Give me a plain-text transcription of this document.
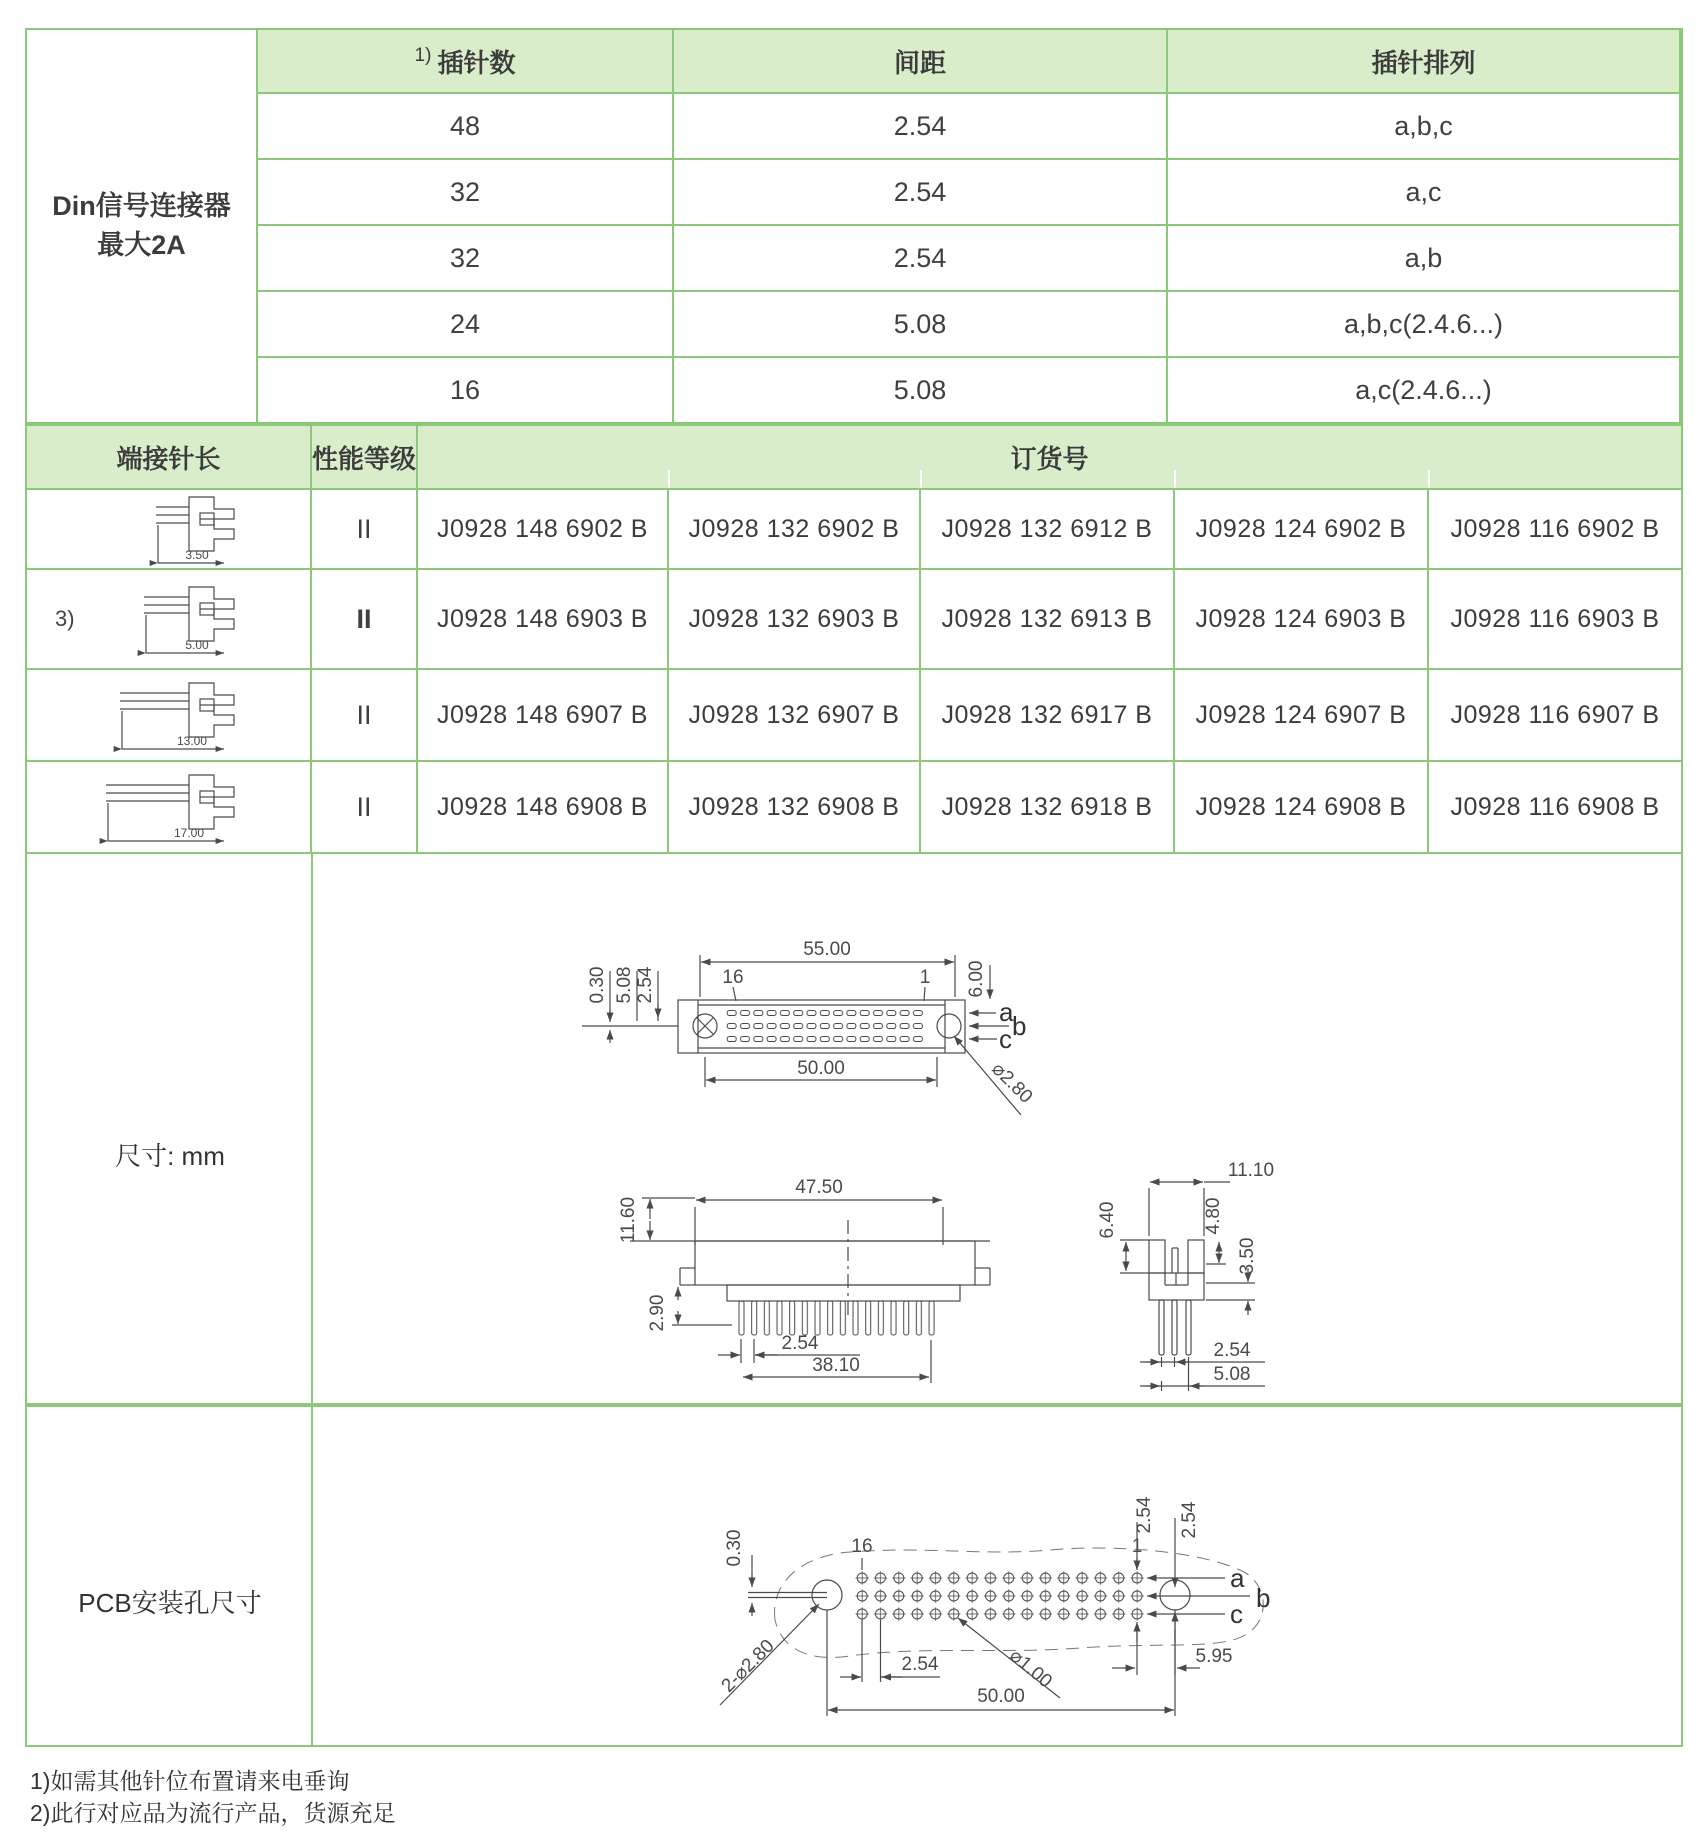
Din信号连接器
最大2A
1) 插针数	间距	插针排列
48	2.54	a,b,c
32	2.54	a,c
32	2.54	a,b
24	5.08	a,b,c(2.4.6...)
16	5.08	a,c(2.4.6...)
端接针长	性能等级	订货号
3.50
II	J0928 148 6902 B	J0928 132 6902 B	J0928 132 6912 B	J0928 124 6902 B	J0928 116 6902 B
3)
5.00
II	J0928 148 6903 B	J0928 132 6903 B	J0928 132 6913 B	J0928 124 6903 B	J0928 116 6903 B
13.00
II	J0928 148 6907 B	J0928 132 6907 B	J0928 132 6917 B	J0928 124 6907 B	J0928 116 6907 B
17.00
II	J0928 148 6908 B	J0928 132 6908 B	J0928 132 6918 B	J0928 124 6908 B	J0928 116 6908 B
尺寸: mm
PCB安装孔尺寸
55.00
16	1
0.30 5.08 2.54	6.00
a
b
c
⌀2.80
50.00
47.50
11.60
2.90
2.54
38.10
11.10
6.40	4.80
3.50
2.54
5.08
0.30	16	1
2-⌀2.80	2.54
50.00
⌀1.00
2.54 2.54
a
b
c
5.95
1)如需其他针位布置请来电垂询
2)此行对应品为流行产品，货源充足
